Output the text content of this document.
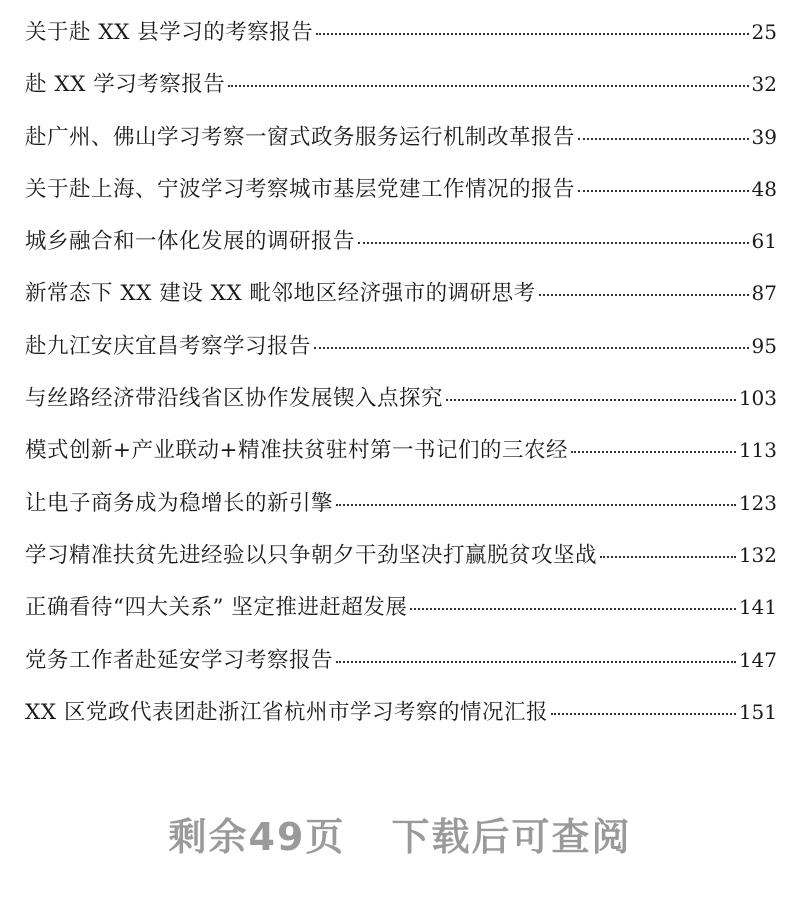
关于赴 XX 县学习的考察报告	25
赴 XX 学习考察报告	32
赴广州、佛山学习考察一窗式政务服务运行机制改革报告	39
关于赴上海、宁波学习考察城市基层党建工作情况的报告	48
城乡融合和一体化发展的调研报告	61
新常态下 XX 建设 XX 毗邻地区经济强市的调研思考	87
赴九江安庆宜昌考察学习报告	95
与丝路经济带沿线省区协作发展锲入点探究	103
模式创新+产业联动+精准扶贫驻村第一书记们的三农经	113
让电子商务成为稳增长的新引擎	123
学习精准扶贫先进经验以只争朝夕干劲坚决打赢脱贫攻坚战	132
正确看待“四大关系” 坚定推进赶超发展	141
党务工作者赴延安学习考察报告	147
XX 区党政代表团赴浙江省杭州市学习考察的情况汇报	151
剩余49页 下载后可查阅
